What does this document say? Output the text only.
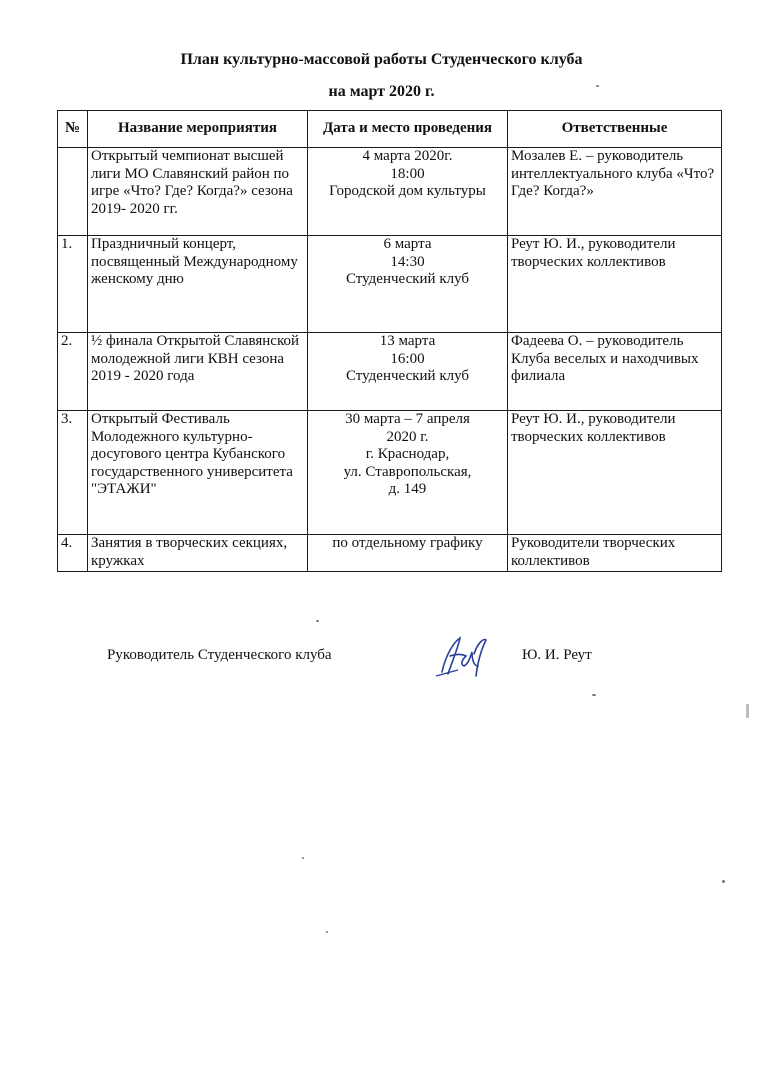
План культурно-массовой работы Студенческого клуба
на март 2020 г.
№	Название мероприятия	Дата и место проведения	Ответственные
	Открытый чемпионат высшей лиги МО Славянский район по игре «Что? Где? Когда?» сезона 2019- 2020 гг.	4 марта 2020г.
18:00
Городской дом культуры	Мозалев Е. – руководитель интеллектуального клуба «Что? Где? Когда?»
1.	Праздничный концерт, посвященный Международному женскому дню	6 марта
14:30
Студенческий клуб	Реут Ю. И., руководители творческих коллективов
2.	½ финала Открытой Славянской молодежной лиги КВН сезона 2019 - 2020 года	13 марта
16:00
Студенческий клуб	Фадеева О. – руководитель Клуба веселых и находчивых филиала
3.	Открытый Фестиваль Молодежного культурно-досугового центра Кубанского государственного университета "ЭТАЖИ"	30 марта – 7 апреля
2020 г.
г. Краснодар,
ул. Ставропольская,
д. 149	Реут Ю. И., руководители творческих коллективов
4.	Занятия в творческих секциях, кружках	по отдельному графику	Руководители творческих коллективов
Руководитель Студенческого клуба	Ю. И. Реут
